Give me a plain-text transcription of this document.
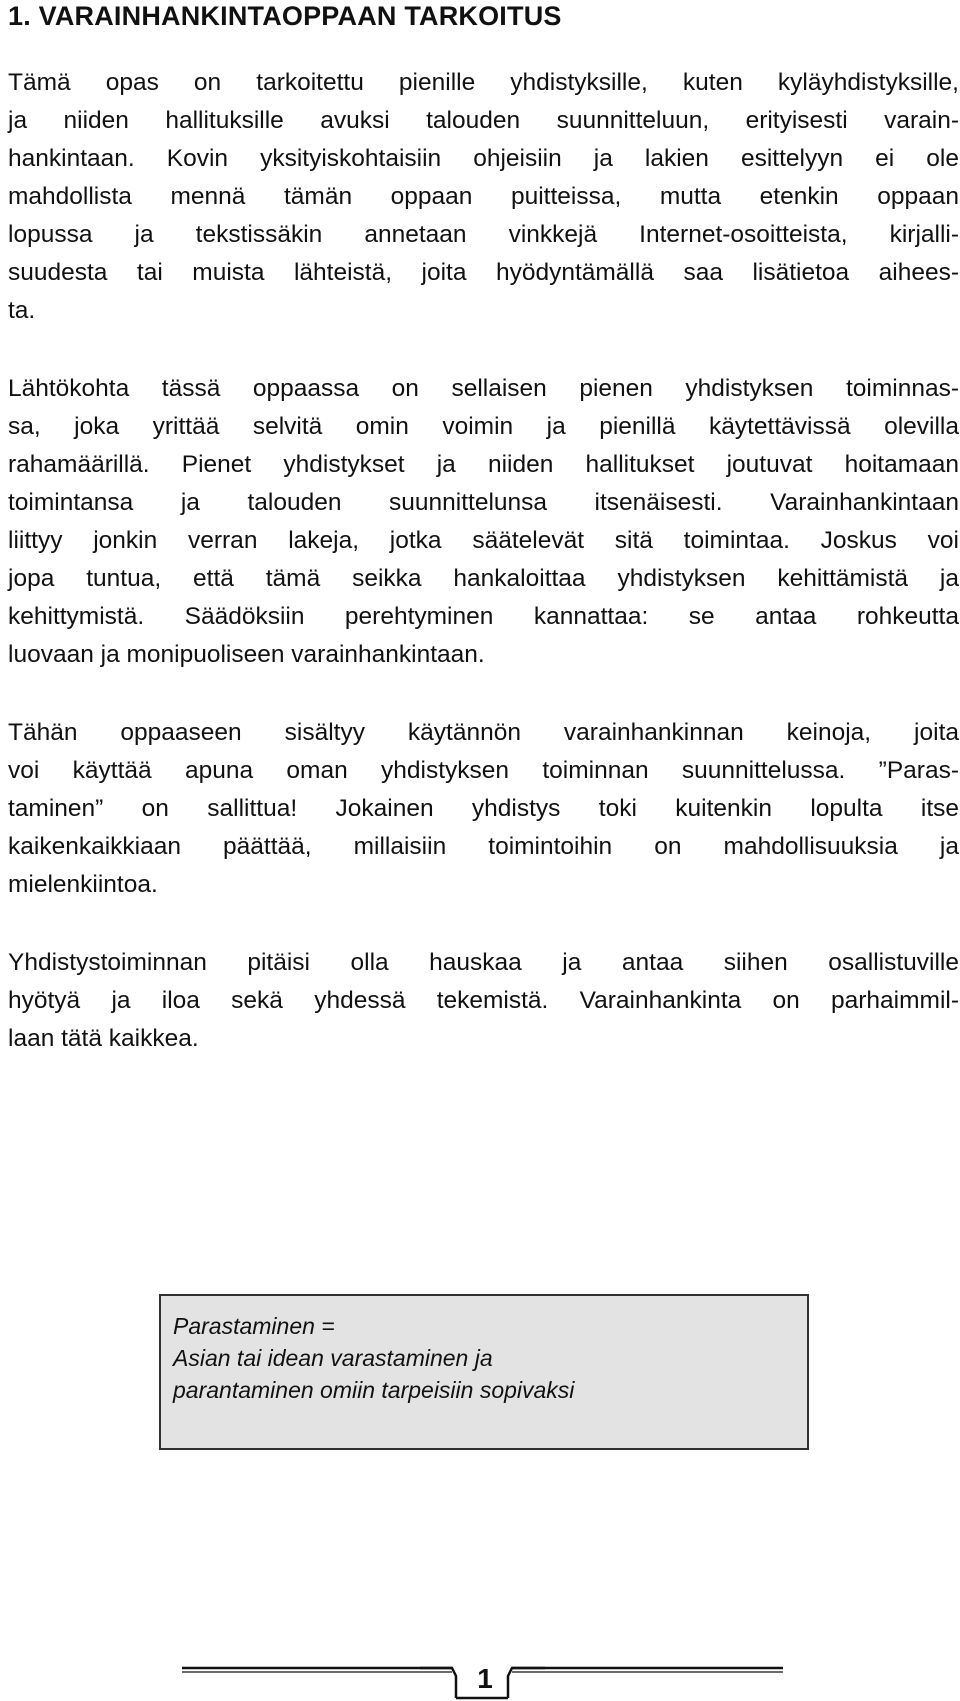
1. VARAINHANKINTAOPPAAN TARKOITUS

Tämä opas on tarkoitettu pienille yhdistyksille, kuten kyläyhdistyksille,
ja niiden hallituksille avuksi talouden suunnitteluun, erityisesti varain-
hankintaan. Kovin yksityiskohtaisiin ohjeisiin ja lakien esittelyyn ei ole
mahdollista mennä tämän oppaan puitteissa, mutta etenkin oppaan
lopussa ja tekstissäkin annetaan vinkkejä Internet-osoitteista, kirjalli-
suudesta tai muista lähteistä, joita hyödyntämällä saa lisätietoa aihees-
ta.

Lähtökohta tässä oppaassa on sellaisen pienen yhdistyksen toiminnas-
sa, joka yrittää selvitä omin voimin ja pienillä käytettävissä olevilla
rahamäärillä. Pienet yhdistykset ja niiden hallitukset joutuvat hoitamaan
toimintansa ja talouden suunnittelunsa itsenäisesti. Varainhankintaan
liittyy jonkin verran lakeja, jotka säätelevät sitä toimintaa. Joskus voi
jopa tuntua, että tämä seikka hankaloittaa yhdistyksen kehittämistä ja
kehittymistä. Säädöksiin perehtyminen kannattaa: se antaa rohkeutta
luovaan ja monipuoliseen varainhankintaan.

Tähän oppaaseen sisältyy käytännön varainhankinnan keinoja, joita
voi käyttää apuna oman yhdistyksen toiminnan suunnittelussa. ”Paras-
taminen” on sallittua! Jokainen yhdistys toki kuitenkin lopulta itse
kaikenkaikkiaan päättää, millaisiin toimintoihin on mahdollisuuksia ja
mielenkiintoa.

Yhdistystoiminnan pitäisi olla hauskaa ja antaa siihen osallistuville
hyötyä ja iloa sekä yhdessä tekemistä. Varainhankinta on parhaimmil-
laan tätä kaikkea.

Parastaminen =
Asian tai idean varastaminen ja
parantaminen omiin tarpeisiin sopivaksi
1
